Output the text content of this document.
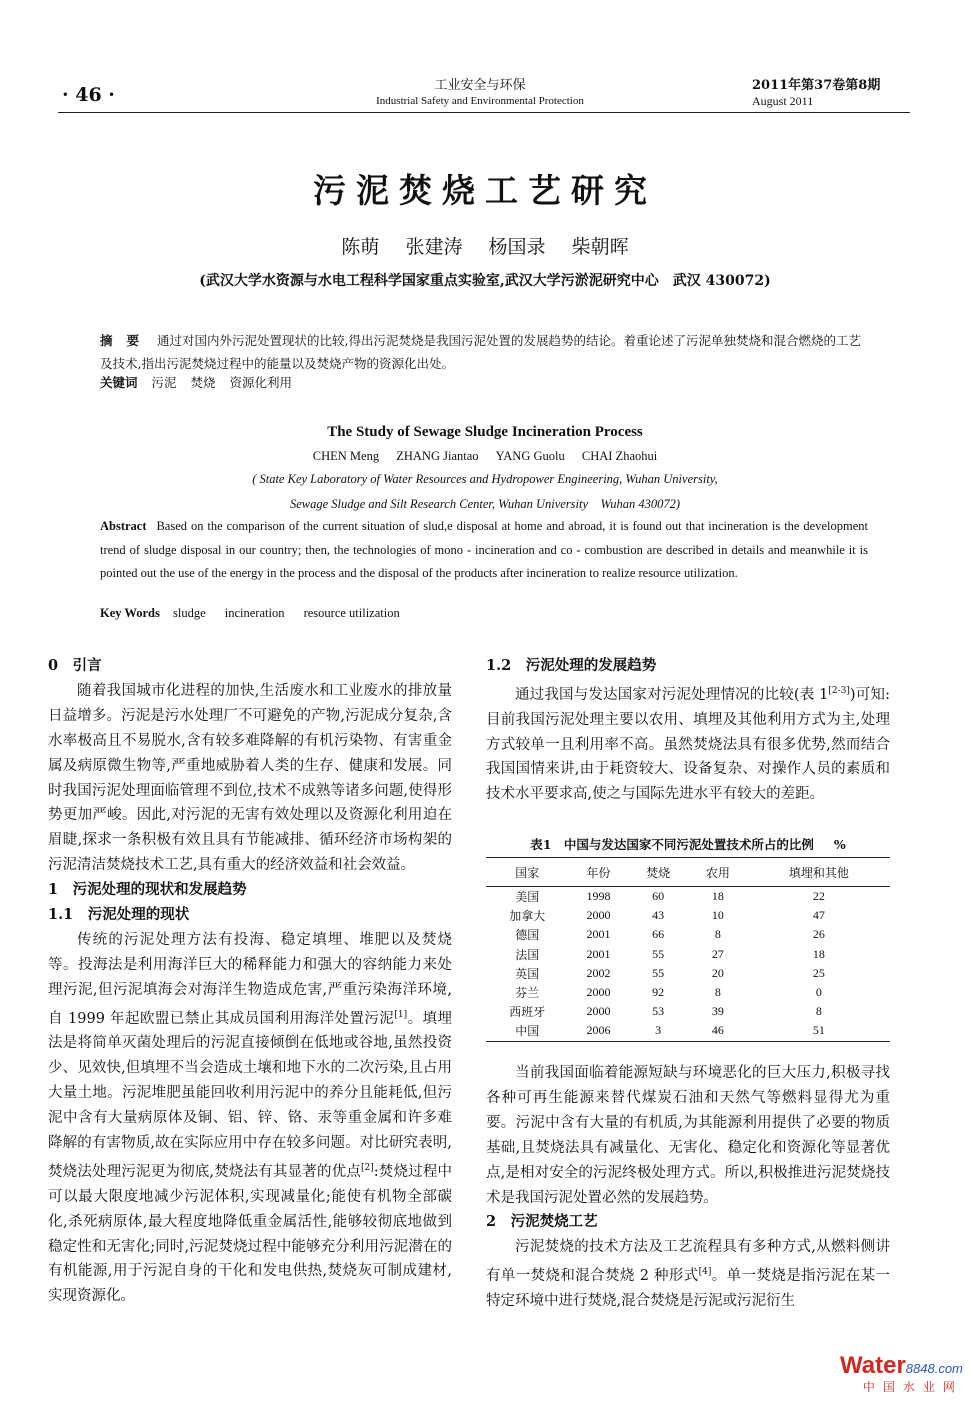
· 46 ·	工业安全与环保
Industrial Safety and Environmental Protection
2011年第37卷第8期
August 2011
污泥焚烧工艺研究
陈萌 张建涛 杨国录 柴朝晖
(武汉大学水资源与水电工程科学国家重点实验室,武汉大学污淤泥研究中心　武汉 430072)
摘要 通过对国内外污泥处置现状的比较,得出污泥焚烧是我国污泥处置的发展趋势的结论。着重论述了污泥单独焚烧和混合燃烧的工艺及技术,指出污泥焚烧过程中的能量以及焚烧产物的资源化出处。
关键词 污泥 焚烧 资源化利用
The Study of Sewage Sludge Incineration Process
CHEN Meng ZHANG Jiantao YANG Guolu CHAI Zhaohui
( State Key Laboratory of Water Resources and Hydropower Engineering, Wuhan University,
Sewage Sludge and Silt Research Center, Wuhan University　Wuhan 430072)
Abstract Based on the comparison of the current situation of slud,e disposal at home and abroad, it is found out that incineration is the development trend of sludge disposal in our country; then, the technologies of mono - incineration and co - combustion are described in details and meanwhile it is pointed out the use of the energy in the process and the disposal of the products after incineration to realize resource utilization.
Key Words sludge incineration resource utilization
0　引言

随着我国城市化进程的加快,生活废水和工业废水的排放量日益增多。污泥是污水处理厂不可避免的产物,污泥成分复杂,含水率极高且不易脱水,含有较多难降解的有机污染物、有害重金属及病原微生物等,严重地威胁着人类的生存、健康和发展。同时我国污泥处理面临管理不到位,技术不成熟等诸多问题,使得形势更加严峻。因此,对污泥的无害有效处理以及资源化利用迫在眉睫,探求一条积极有效且具有节能减排、循环经济市场构架的污泥清洁焚烧技术工艺,具有重大的经济效益和社会效益。

1　污泥处理的现状和发展趋势
1.1　污泥处理的现状

传统的污泥处理方法有投海、稳定填埋、堆肥以及焚烧等。投海法是利用海洋巨大的稀释能力和强大的容纳能力来处理污泥,但污泥填海会对海洋生物造成危害,严重污染海洋环境,自 1999 年起欧盟已禁止其成员国利用海洋处置污泥[1]。填埋法是将简单灭菌处理后的污泥直接倾倒在低地或谷地,虽然投资少、见效快,但填埋不当会造成土壤和地下水的二次污染,且占用大量土地。污泥堆肥虽能回收利用污泥中的养分且能耗低,但污泥中含有大量病原体及铜、铝、锌、铬、汞等重金属和许多难降解的有害物质,故在实际应用中存在较多问题。对比研究表明,焚烧法处理污泥更为彻底,焚烧法有其显著的优点[2]:焚烧过程中可以最大限度地减少污泥体积,实现减量化;能使有机物全部碳化,杀死病原体,最大程度地降低重金属活性,能够较彻底地做到稳定性和无害化;同时,污泥焚烧过程中能够充分利用污泥潜在的有机能源,用于污泥自身的干化和发电供热,焚烧灰可制成建材,实现资源化。

1.2　污泥处理的发展趋势

通过我国与发达国家对污泥处理情况的比较(表 1[2-3])可知:目前我国污泥处理主要以农用、填埋及其他利用方式为主,处理方式较单一且利用率不高。虽然焚烧法具有很多优势,然而结合我国国情来讲,由于耗资较大、设备复杂、对操作人员的素质和技术水平要求高,使之与国际先进水平有较大的差距。

表1　中国与发达国家不同污泥处置技术所占的比例 %
国家	年份	焚烧	农用	填埋和其他
美国	1998	60	18	22
加拿大	2000	43	10	47
德国	2001	66	8	26
法国	2001	55	27	18
英国	2002	55	20	25
芬兰	2000	92	8	0
西班牙	2000	53	39	8
中国	2006	3	46	51

当前我国面临着能源短缺与环境恶化的巨大压力,积极寻找各种可再生能源来替代煤炭石油和天然气等燃料显得尤为重要。污泥中含有大量的有机质,为其能源利用提供了必要的物质基础,且焚烧法具有减量化、无害化、稳定化和资源化等显著优点,是相对安全的污泥终极处理方式。所以,积极推进污泥焚烧技术是我国污泥处置必然的发展趋势。

2　污泥焚烧工艺

污泥焚烧的技术方法及工艺流程具有多种方式,从燃料侧讲有单一焚烧和混合焚烧 2 种形式[4]。单一焚烧是指污泥在某一特定环境中进行焚烧,混合焚烧是污泥或污泥衍生

Water8848.com
中国水业网
